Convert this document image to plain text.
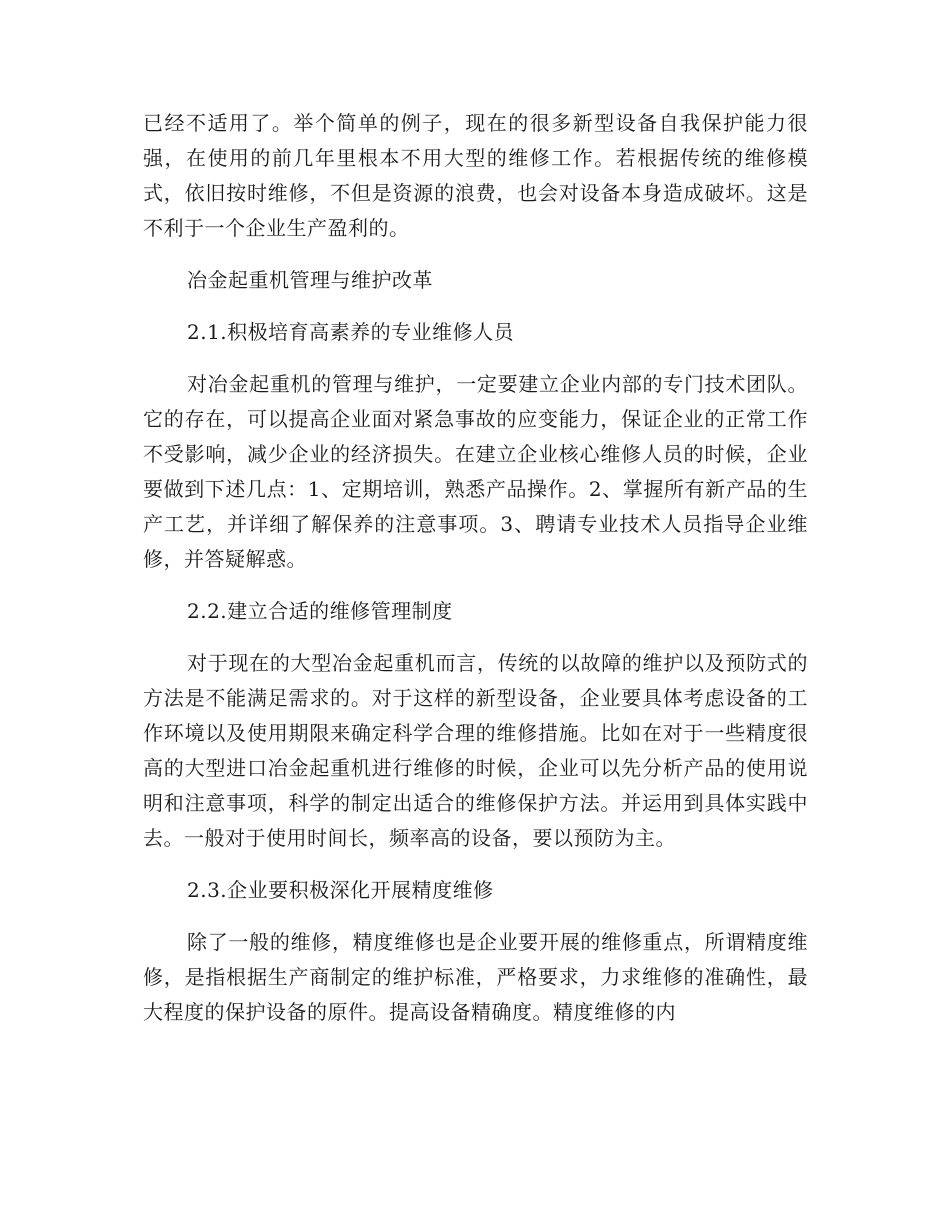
已经不适用了。举个简单的例子，现在的很多新型设备自我保护能力很强，在使用的前几年里根本不用大型的维修工作。若根据传统的维修模式，依旧按时维修，不但是资源的浪费，也会对设备本身造成破坏。这是不利于一个企业生产盈利的。

冶金起重机管理与维护改革

2.1.积极培育高素养的专业维修人员

对冶金起重机的管理与维护，一定要建立企业内部的专门技术团队。它的存在，可以提高企业面对紧急事故的应变能力，保证企业的正常工作不受影响，减少企业的经济损失。在建立企业核心维修人员的时候，企业要做到下述几点：1、定期培训，熟悉产品操作。2、掌握所有新产品的生产工艺，并详细了解保养的注意事项。3、聘请专业技术人员指导企业维修，并答疑解惑。

2.2.建立合适的维修管理制度

对于现在的大型冶金起重机而言，传统的以故障的维护以及预防式的方法是不能满足需求的。对于这样的新型设备，企业要具体考虑设备的工作环境以及使用期限来确定科学合理的维修措施。比如在对于一些精度很高的大型进口冶金起重机进行维修的时候，企业可以先分析产品的使用说明和注意事项，科学的制定出适合的维修保护方法。并运用到具体实践中去。一般对于使用时间长，频率高的设备，要以预防为主。

2.3.企业要积极深化开展精度维修

除了一般的维修，精度维修也是企业要开展的维修重点，所谓精度维修，是指根据生产商制定的维护标准，严格要求，力求维修的准确性，最大程度的保护设备的原件。提高设备精确度。精度维修的内
